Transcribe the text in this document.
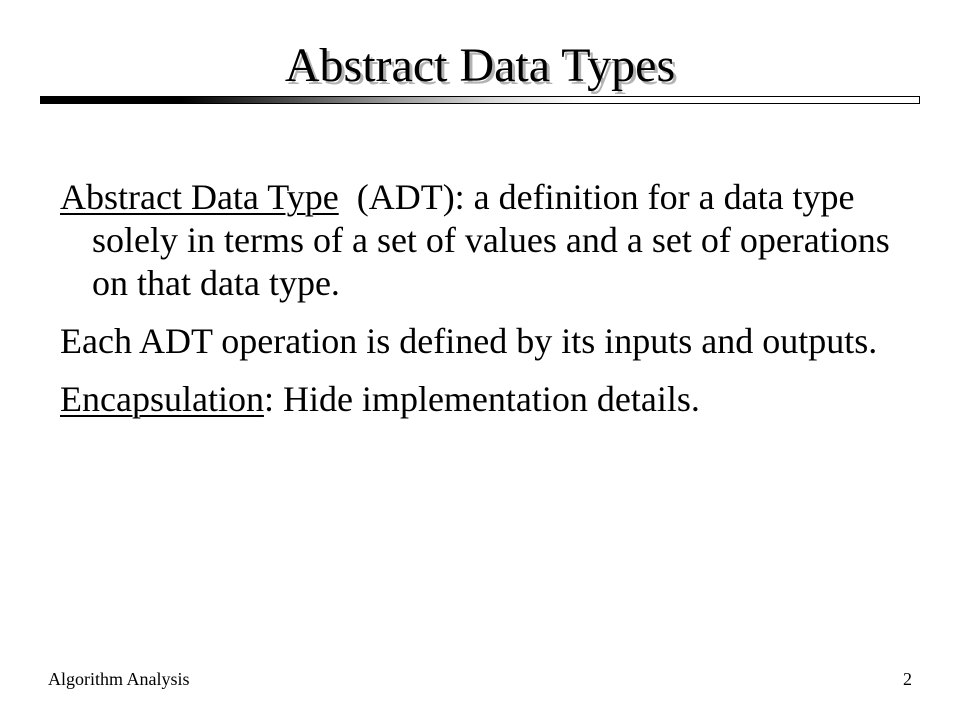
Abstract Data Types

Abstract Data Type  (ADT): a definition for a data type solely in terms of a set of values and a set of operations on that data type.

Each ADT operation is defined by its inputs and outputs.

Encapsulation: Hide implementation details.

Algorithm Analysis	2
